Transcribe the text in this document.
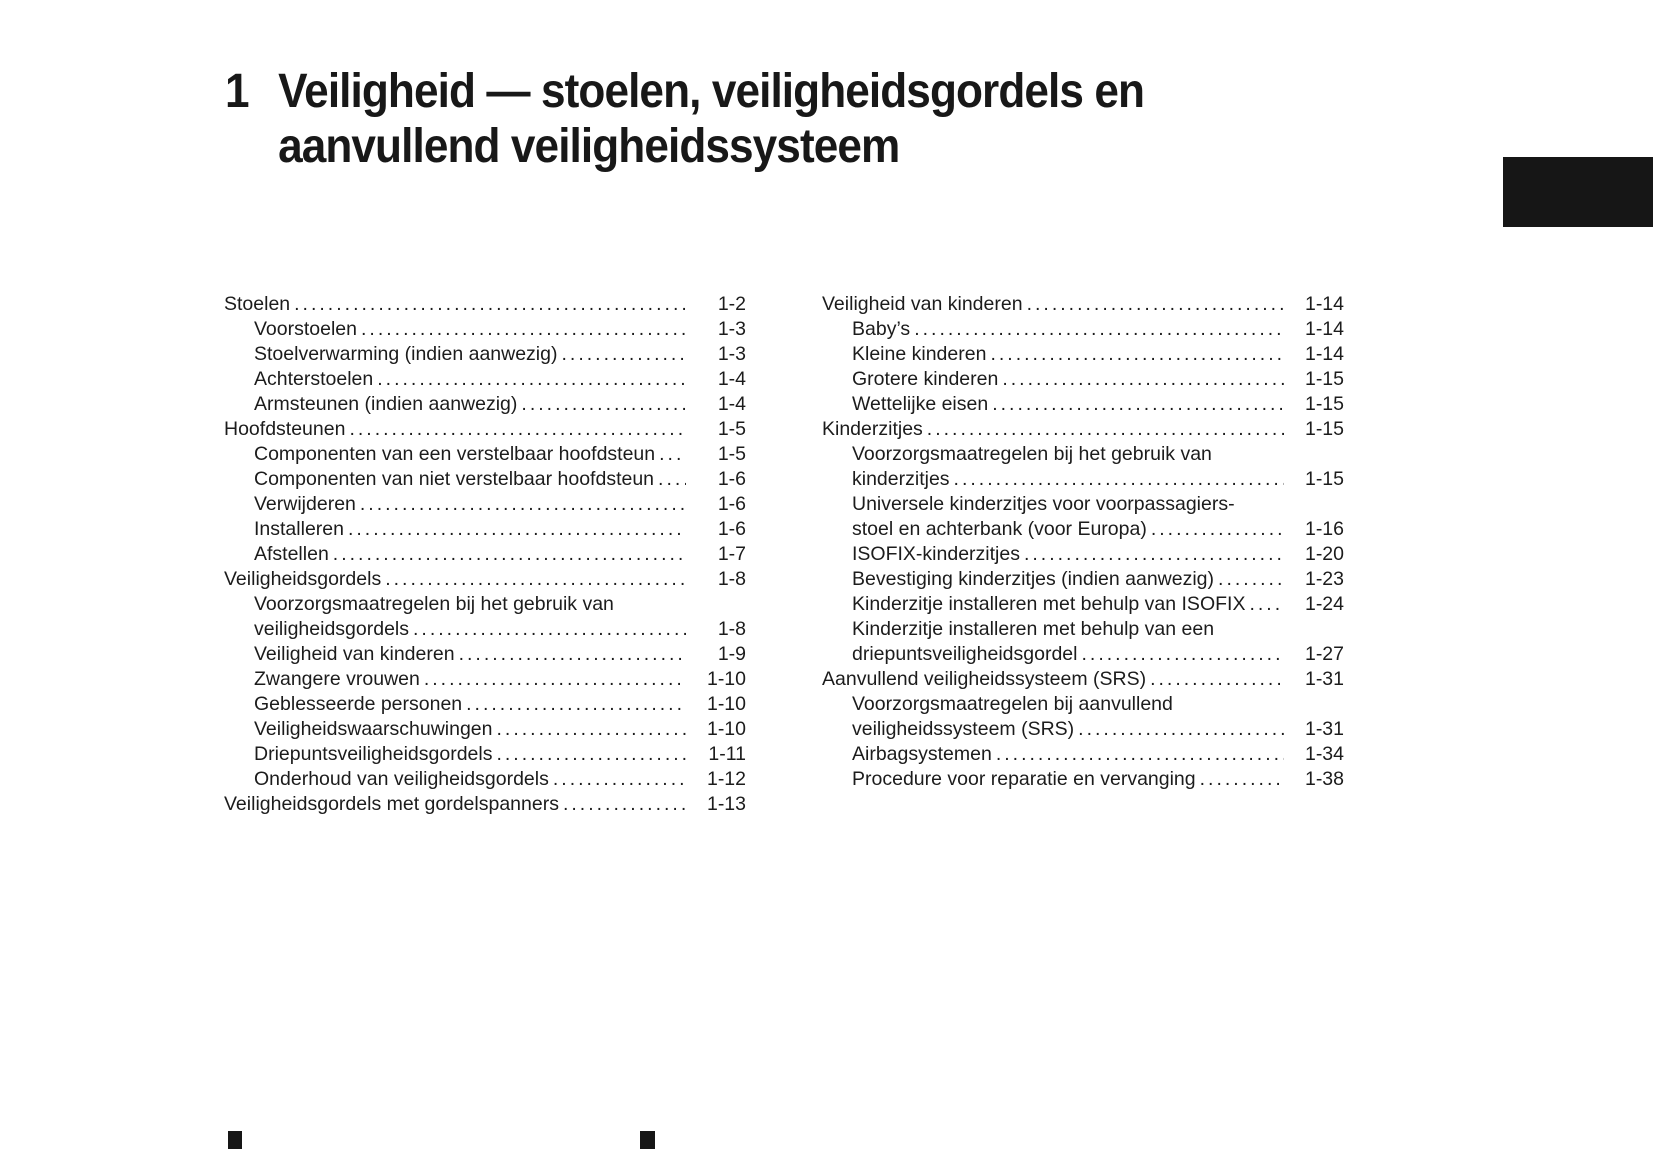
1 Veiligheid — stoelen, veiligheidsgordels en
aanvullend veiligheidssysteem
Stoelen .....	1-2
Voorstoelen .....	1-3
Stoelverwarming (indien aanwezig) .....	1-3
Achterstoelen .....	1-4
Armsteunen (indien aanwezig) .....	1-4
Hoofdsteunen .....	1-5
Componenten van een verstelbaar hoofdsteun .....	1-5
Componenten van niet verstelbaar hoofdsteun .....	1-6
Verwijderen .....	1-6
Installeren .....	1-6
Afstellen .....	1-7
Veiligheidsgordels .....	1-8
Voorzorgsmaatregelen bij het gebruik van
veiligheidsgordels .....	1-8
Veiligheid van kinderen .....	1-9
Zwangere vrouwen .....	1-10
Geblesseerde personen .....	1-10
Veiligheidswaarschuwingen .....	1-10
Driepuntsveiligheidsgordels .....	1-11
Onderhoud van veiligheidsgordels .....	1-12
Veiligheidsgordels met gordelspanners .....	1-13
Veiligheid van kinderen .....	1-14
Baby’s .....	1-14
Kleine kinderen .....	1-14
Grotere kinderen .....	1-15
Wettelijke eisen .....	1-15
Kinderzitjes .....	1-15
Voorzorgsmaatregelen bij het gebruik van
kinderzitjes .....	1-15
Universele kinderzitjes voor voorpassagiers-
stoel en achterbank (voor Europa) .....	1-16
ISOFIX-kinderzitjes .....	1-20
Bevestiging kinderzitjes (indien aanwezig) .....	1-23
Kinderzitje installeren met behulp van ISOFIX .....	1-24
Kinderzitje installeren met behulp van een
driepuntsveiligheidsgordel .....	1-27
Aanvullend veiligheidssysteem (SRS) .....	1-31
Voorzorgsmaatregelen bij aanvullend
veiligheidssysteem (SRS) .....	1-31
Airbagsystemen .....	1-34
Procedure voor reparatie en vervanging .....	1-38
